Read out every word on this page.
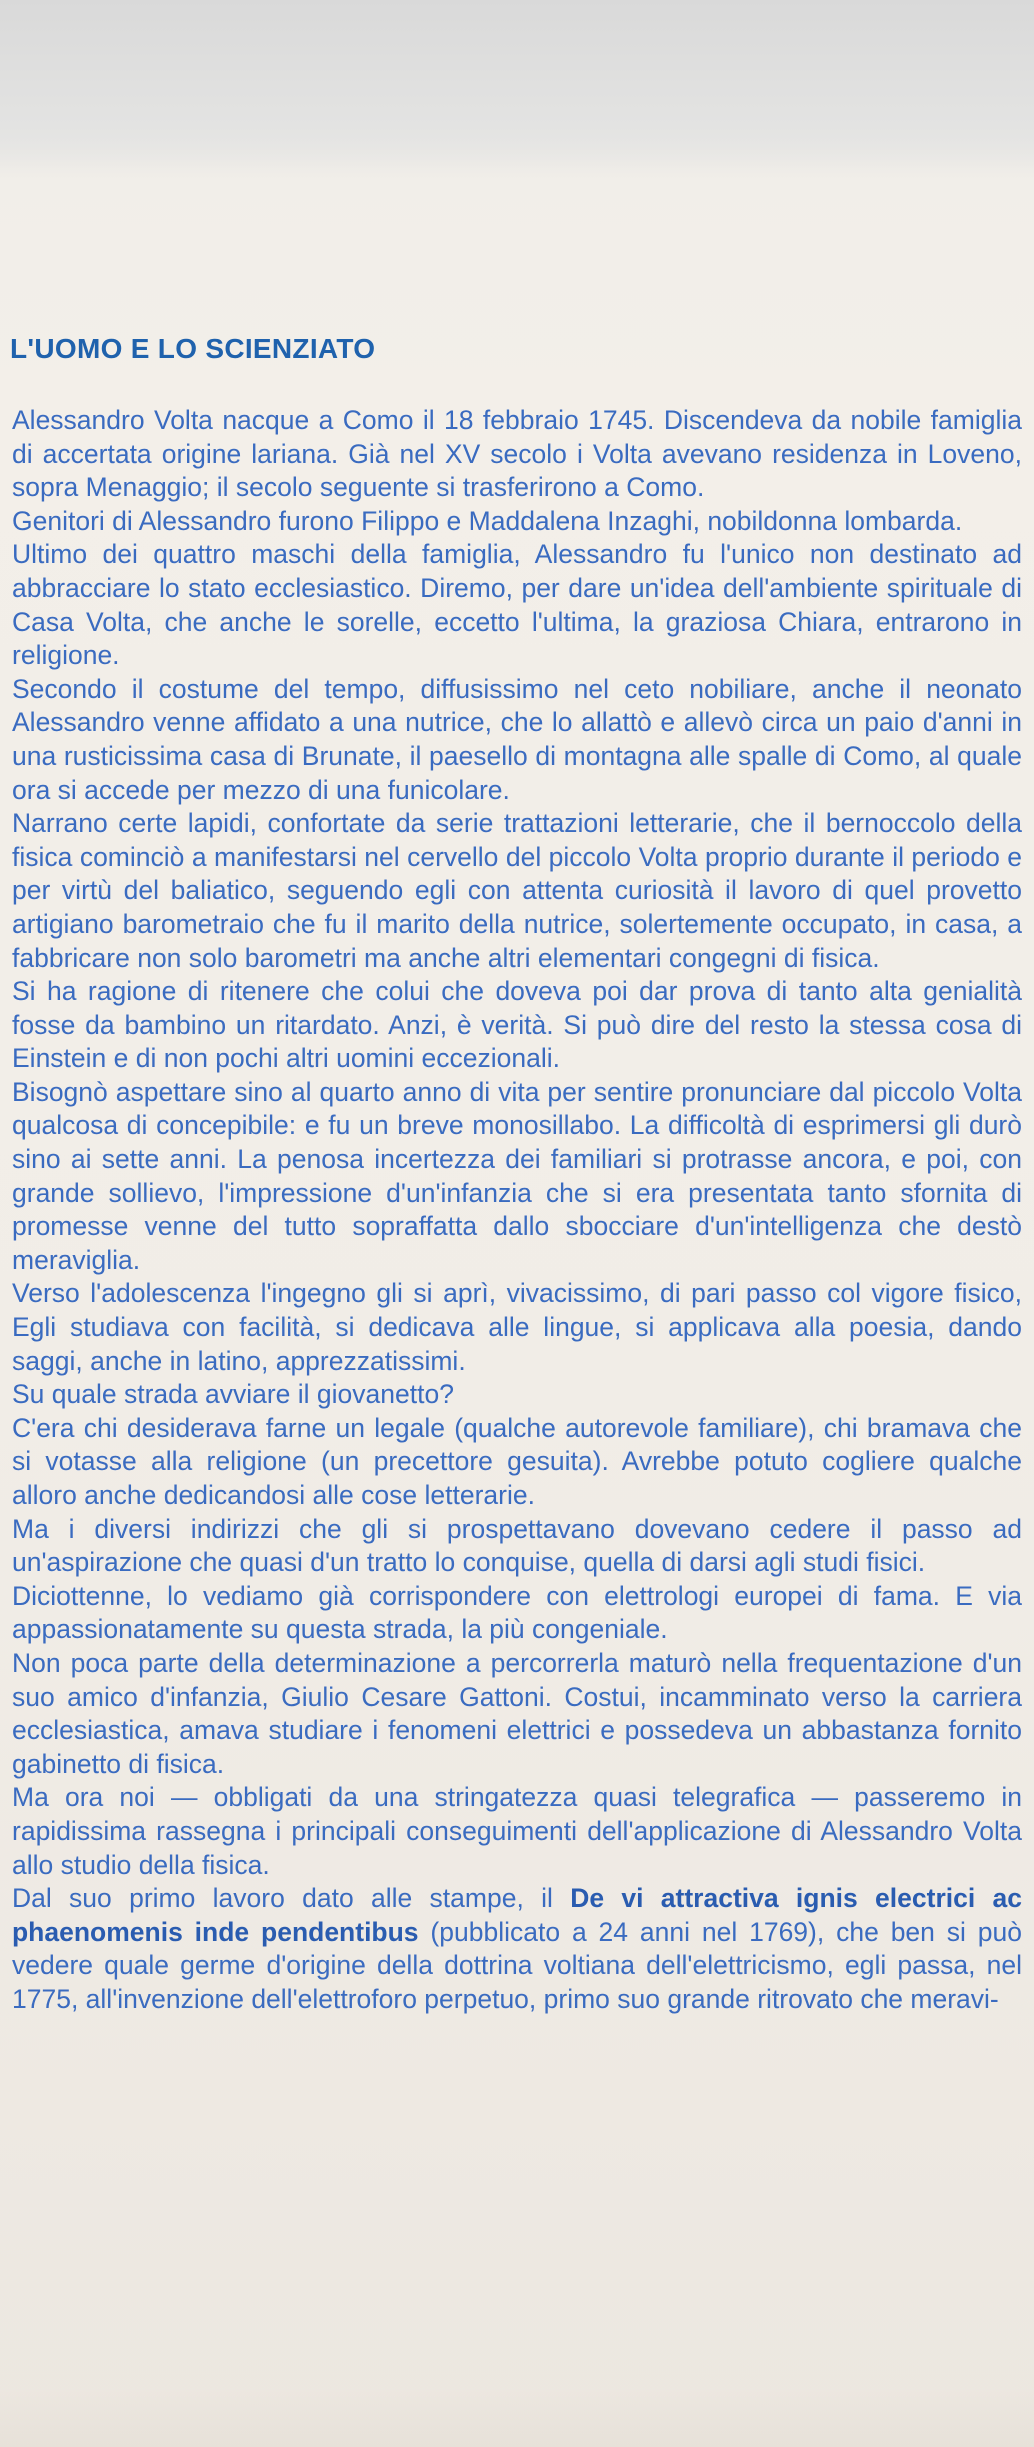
L'UOMO E LO SCIENZIATO

Alessandro Volta nacque a Como il 18 febbraio 1745. Discendeva da nobile famiglia di accertata origine lariana. Già nel XV secolo i Volta avevano residenza in Loveno, sopra Menaggio; il secolo seguente si trasferirono a Como.

Genitori di Alessandro furono Filippo e Maddalena Inzaghi, nobildonna lombarda.

Ultimo dei quattro maschi della famiglia, Alessandro fu l'unico non destinato ad abbracciare lo stato ecclesiastico. Diremo, per dare un'idea dell'ambiente spirituale di Casa Volta, che anche le sorelle, eccetto l'ultima, la graziosa Chiara, entrarono in religione.

Secondo il costume del tempo, diffusissimo nel ceto nobiliare, anche il neonato Alessandro venne affidato a una nutrice, che lo allattò e allevò circa un paio d'anni in una rusticissima casa di Brunate, il paesello di montagna alle spalle di Como, al quale ora si accede per mezzo di una funicolare.

Narrano certe lapidi, confortate da serie trattazioni letterarie, che il bernoccolo della fisica cominciò a manifestarsi nel cervello del piccolo Volta proprio durante il periodo e per virtù del baliatico, seguendo egli con attenta curiosità il lavoro di quel provetto artigiano barometraio che fu il marito della nutrice, solertemente occupato, in casa, a fabbricare non solo barometri ma anche altri elementari congegni di fisica.

Si ha ragione di ritenere che colui che doveva poi dar prova di tanto alta genialità fosse da bambino un ritardato. Anzi, è verità. Si può dire del resto la stessa cosa di Einstein e di non pochi altri uomini eccezionali.

Bisognò aspettare sino al quarto anno di vita per sentire pronunciare dal piccolo Volta qualcosa di concepibile: e fu un breve monosillabo. La difficoltà di esprimersi gli durò sino ai sette anni. La penosa incertezza dei familiari si protrasse ancora, e poi, con grande sollievo, l'impressione d'un'infanzia che si era presentata tanto sfornita di promesse venne del tutto sopraffatta dallo sbocciare d'un'intelligenza che destò meraviglia.

Verso l'adolescenza l'ingegno gli si aprì, vivacissimo, di pari passo col vigore fisico, Egli studiava con facilità, si dedicava alle lingue, si applicava alla poesia, dando saggi, anche in latino, apprezzatissimi.

Su quale strada avviare il giovanetto?

C'era chi desiderava farne un legale (qualche autorevole familiare), chi bramava che si votasse alla religione (un precettore gesuita). Avrebbe potuto cogliere qualche alloro anche dedicandosi alle cose letterarie.

Ma i diversi indirizzi che gli si prospettavano dovevano cedere il passo ad un'aspirazione che quasi d'un tratto lo conquise, quella di darsi agli studi fisici.

Diciottenne, lo vediamo già corrispondere con elettrologi europei di fama. E via appassionatamente su questa strada, la più congeniale.

Non poca parte della determinazione a percorrerla maturò nella frequentazione d'un suo amico d'infanzia, Giulio Cesare Gattoni. Costui, incamminato verso la carriera ecclesiastica, amava studiare i fenomeni elettrici e possedeva un abbastanza fornito gabinetto di fisica.

Ma ora noi — obbligati da una stringatezza quasi telegrafica — passeremo in rapidissima rassegna i principali conseguimenti dell'applicazione di Alessandro Volta allo studio della fisica.

Dal suo primo lavoro dato alle stampe, il De vi attractiva ignis electrici ac phaenomenis inde pendentibus (pubblicato a 24 anni nel 1769), che ben si può vedere quale germe d'origine della dottrina voltiana dell'elettricismo, egli passa, nel 1775, all'invenzione dell'elettroforo perpetuo, primo suo grande ritrovato che meravi-
